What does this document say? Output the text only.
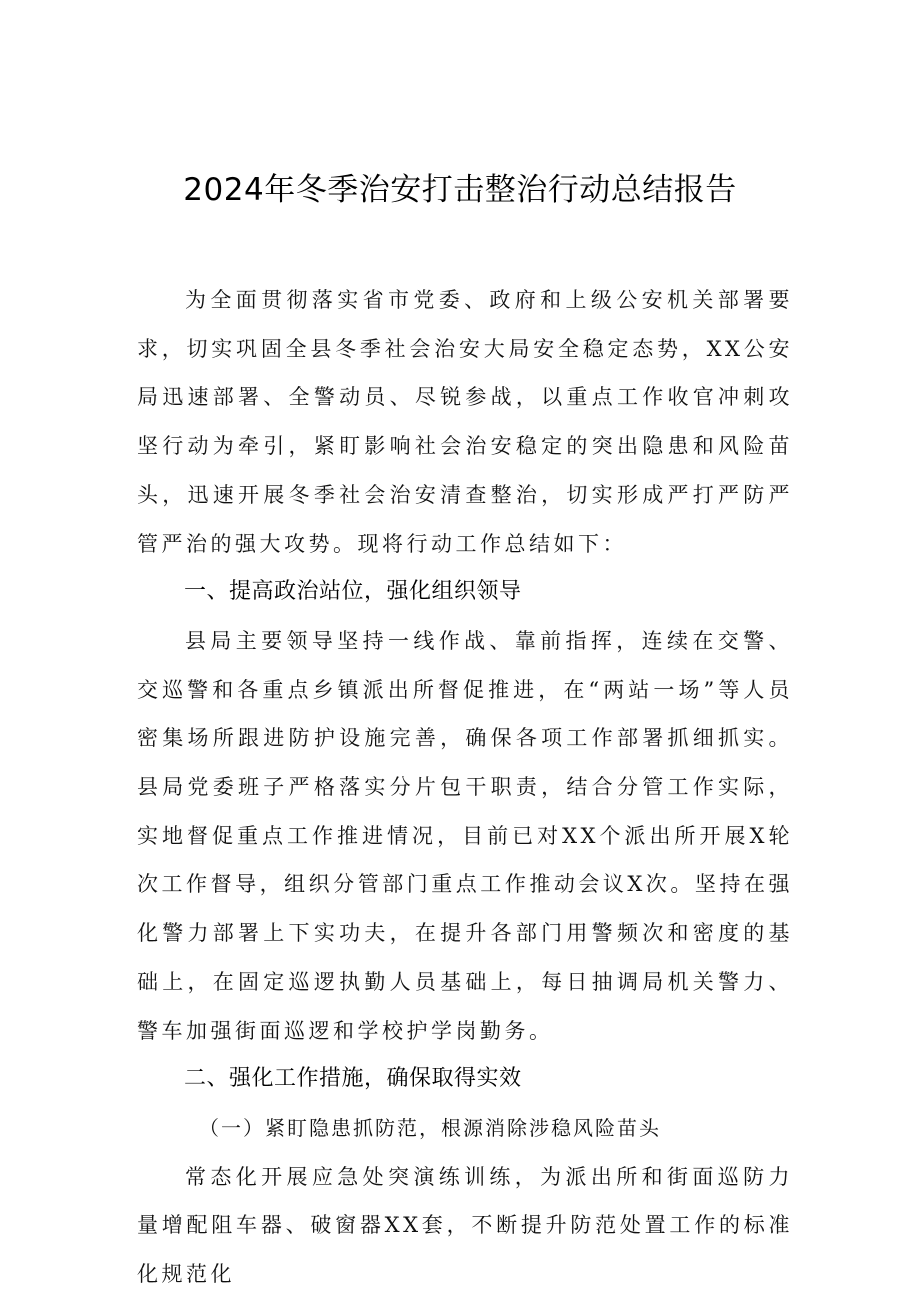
2024年冬季治安打击整治行动总结报告

为全面贯彻落实省市党委、政府和上级公安机关部署要求，切实巩固全县冬季社会治安大局安全稳定态势，XX公安局迅速部署、全警动员、尽锐参战，以重点工作收官冲刺攻坚行动为牵引，紧盯影响社会治安稳定的突出隐患和风险苗头，迅速开展冬季社会治安清查整治，切实形成严打严防严管严治的强大攻势。现将行动工作总结如下：

一、提高政治站位，强化组织领导

县局主要领导坚持一线作战、靠前指挥，连续在交警、交巡警和各重点乡镇派出所督促推进，在“两站一场”等人员密集场所跟进防护设施完善，确保各项工作部署抓细抓实。县局党委班子严格落实分片包干职责，结合分管工作实际，实地督促重点工作推进情况，目前已对XX个派出所开展X轮次工作督导，组织分管部门重点工作推动会议X次。坚持在强化警力部署上下实功夫，在提升各部门用警频次和密度的基础上，在固定巡逻执勤人员基础上，每日抽调局机关警力、警车加强街面巡逻和学校护学岗勤务。

二、强化工作措施，确保取得实效
（一）紧盯隐患抓防范，根源消除涉稳风险苗头

常态化开展应急处突演练训练，为派出所和街面巡防力量增配阻车器、破窗器XX套，不断提升防范处置工作的标准化规范化
